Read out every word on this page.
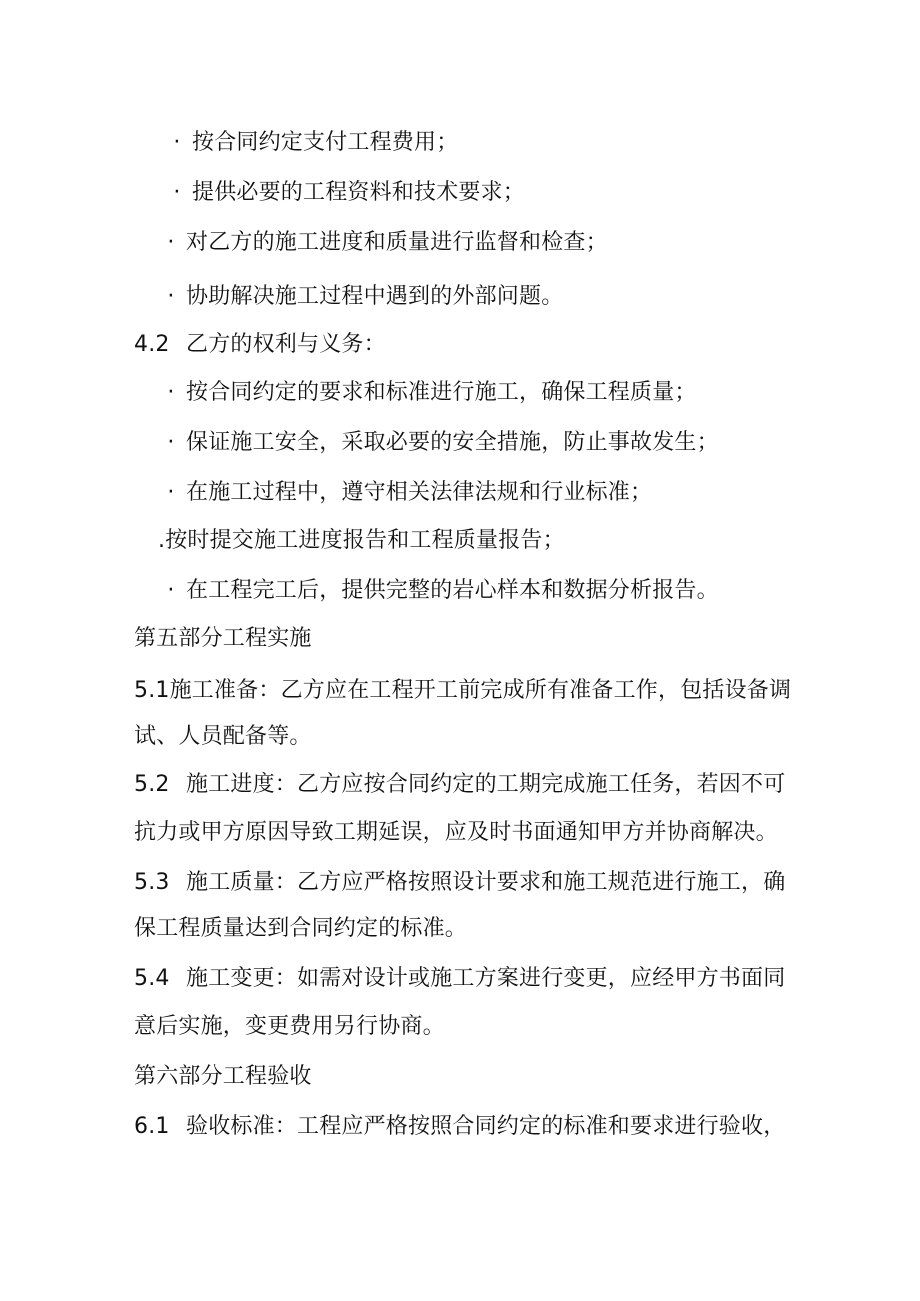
· 按合同约定支付工程费用；
· 提供必要的工程资料和技术要求；
· 对乙方的施工进度和质量进行监督和检查；
· 协助解决施工过程中遇到的外部问题。
4.2 乙方的权利与义务：
· 按合同约定的要求和标准进行施工，确保工程质量；
· 保证施工安全，采取必要的安全措施，防止事故发生；
· 在施工过程中，遵守相关法律法规和行业标准；
.按时提交施工进度报告和工程质量报告；
· 在工程完工后，提供完整的岩心样本和数据分析报告。
第五部分工程实施
5.1施工准备：乙方应在工程开工前完成所有准备工作，包括设备调
试、人员配备等。
5.2 施工进度：乙方应按合同约定的工期完成施工任务，若因不可
抗力或甲方原因导致工期延误，应及时书面通知甲方并协商解决。
5.3 施工质量：乙方应严格按照设计要求和施工规范进行施工，确
保工程质量达到合同约定的标准。
5.4 施工变更：如需对设计或施工方案进行变更，应经甲方书面同
意后实施，变更费用另行协商。
第六部分工程验收
6.1 验收标准：工程应严格按照合同约定的标准和要求进行验收，
